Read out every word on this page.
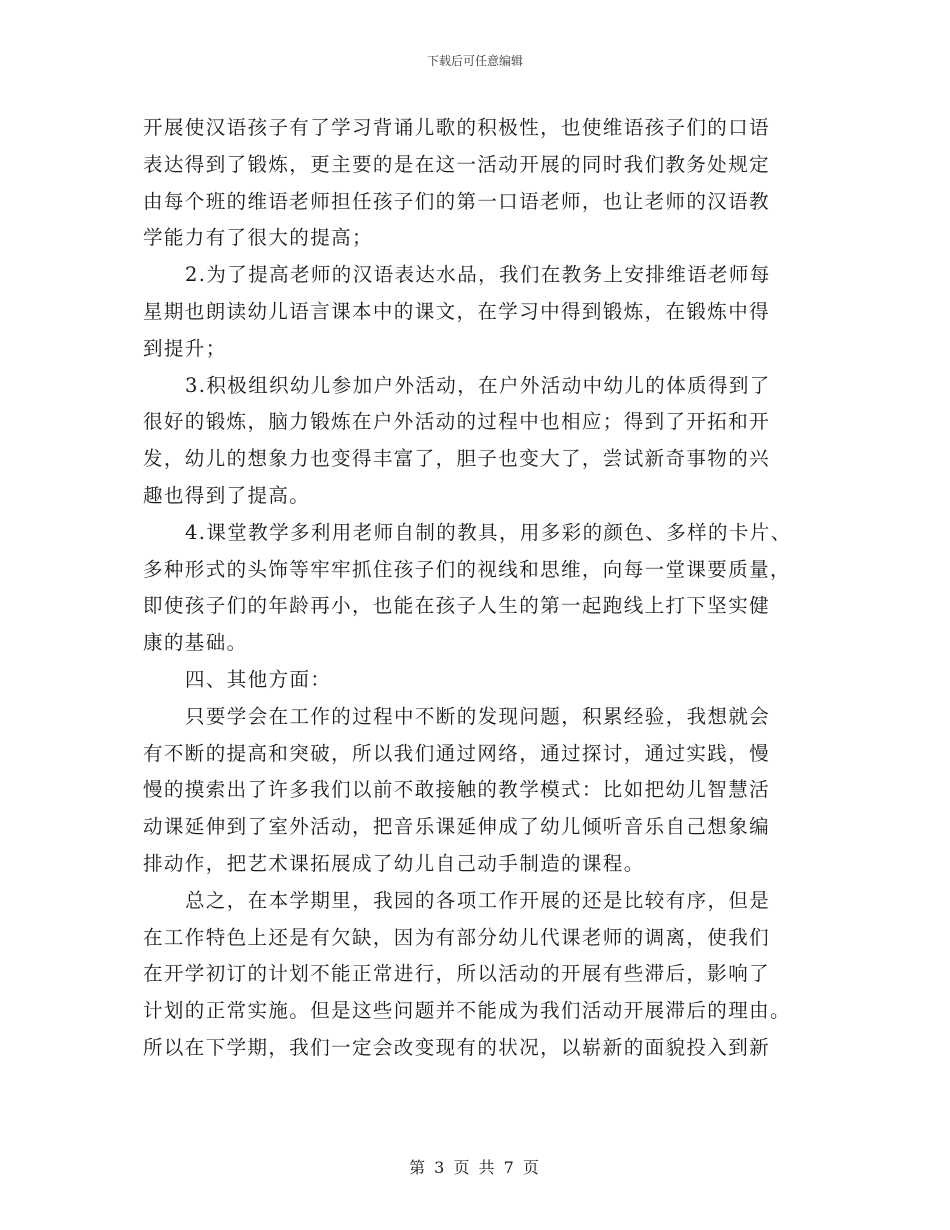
下载后可任意编辑
开展使汉语孩子有了学习背诵儿歌的积极性，也使维语孩子们的口语
表达得到了锻炼，更主要的是在这一活动开展的同时我们教务处规定
由每个班的维语老师担任孩子们的第一口语老师，也让老师的汉语教
学能力有了很大的提高；
2.为了提高老师的汉语表达水品，我们在教务上安排维语老师每
星期也朗读幼儿语言课本中的课文，在学习中得到锻炼，在锻炼中得
到提升；
3.积极组织幼儿参加户外活动，在户外活动中幼儿的体质得到了
很好的锻炼，脑力锻炼在户外活动的过程中也相应；得到了开拓和开
发，幼儿的想象力也变得丰富了，胆子也变大了，尝试新奇事物的兴
趣也得到了提高。
4.课堂教学多利用老师自制的教具，用多彩的颜色、多样的卡片、
多种形式的头饰等牢牢抓住孩子们的视线和思维，向每一堂课要质量，
即使孩子们的年龄再小，也能在孩子人生的第一起跑线上打下坚实健
康的基础。
四、其他方面：
只要学会在工作的过程中不断的发现问题，积累经验，我想就会
有不断的提高和突破，所以我们通过网络，通过探讨，通过实践，慢
慢的摸索出了许多我们以前不敢接触的教学模式：比如把幼儿智慧活
动课延伸到了室外活动，把音乐课延伸成了幼儿倾听音乐自己想象编
排动作，把艺术课拓展成了幼儿自己动手制造的课程。
总之，在本学期里，我园的各项工作开展的还是比较有序，但是
在工作特色上还是有欠缺，因为有部分幼儿代课老师的调离，使我们
在开学初订的计划不能正常进行，所以活动的开展有些滞后，影响了
计划的正常实施。但是这些问题并不能成为我们活动开展滞后的理由。
所以在下学期，我们一定会改变现有的状况，以崭新的面貌投入到新
第 3 页 共 7 页
